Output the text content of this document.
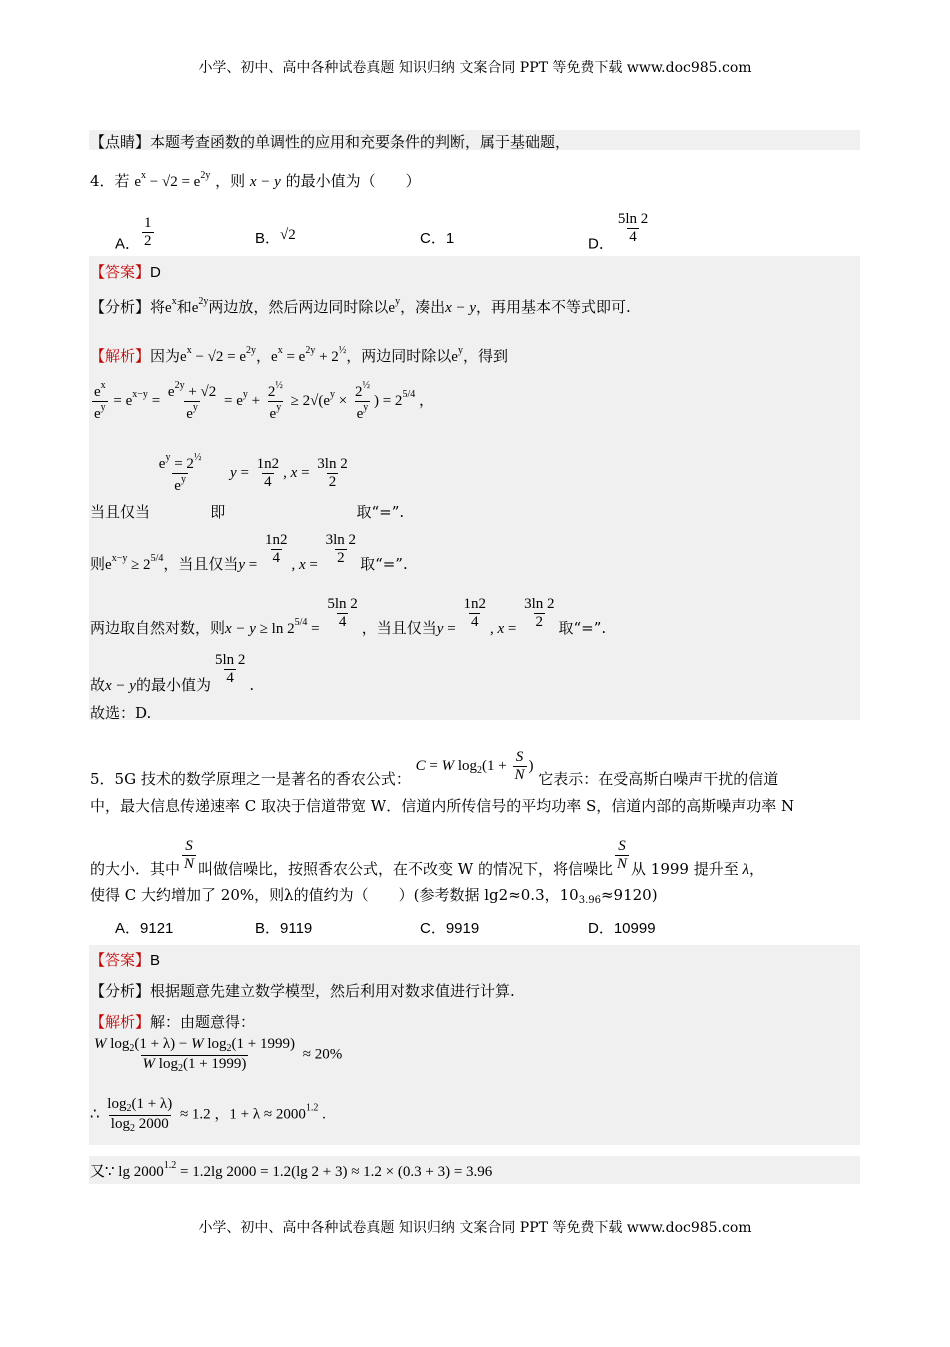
小学、初中、高中各种试卷真题 知识归纳 文案合同 PPT 等免费下载 www.doc985.com
【点睛】本题考查函数的单调性的应用和充要条件的判断，属于基础题，
4．若 $e^x - √2 = e^{2y}$ ，则 x − y 的最小值为（　　）
A． $\frac{1}{2}$	B．√2	C．1	D． $\frac{5\ln 2}{4}$
【答案】D
【分析】将$e^x$和$e^{2y}$两边放，然后两边同时除以$e^y$，凑出x − y，再用基本不等式即可.
【解析】因为$e^x - √2 = e^{2y}$，$e^x = e^{2y} + 2^{\frac{1}{2}}$，两边同时除以$e^y$，得到
$\frac{e^x}{e^y} = e^{x-y} = \frac{e^{2y} + √2}{e^y} = e^y + \frac{2^{\frac{1}{2}}}{e^y} \ge 2√(e^y \times \frac{2^{\frac{1}{2}}}{e^y}$ ) = $2^{5/4}$ ，
当且仅当
$\frac{e^y = 2^{\frac{1}{2}}}{e^y}$
即 $y = \frac{1n2}{4}$ , $x = \frac{3\ln 2}{2}$
取“=”.
则$e^{x-y} \ge 2^{5/4}$，当且仅当$y = \frac{1n2}{4}$ , $x = \frac{3\ln 2}{2}$ 取“=”.
两边取自然对数，则$x - y \ge \ln 2^{5/4} = \frac{5\ln 2}{4}$ ，当且仅当$y = \frac{1n2}{4}$ , $x = \frac{3\ln 2}{2}$ 取“=”.
故x − y的最小值为 $\frac{5\ln 2}{4}$ .
故选：D.
5．5G 技术的数学原理之一是著名的香农公式： C = W $\log_2(1 + \frac{S}{N}$ ) 它表示：在受高斯白噪声干扰的信道
中，最大信息传递速率 C 取决于信道带宽 W．信道内所传信号的平均功率 S，信道内部的高斯噪声功率 N
的大小．其中 $\frac{S}{N}$ 叫做信噪比，按照香农公式，在不改变 W 的情况下，将信噪比 $\frac{S}{N}$ 从 1999 提升至 λ，
使得 C 大约增加了 20%，则λ的值约为（　　）(参考数据 lg2≈0.3，$10_{3.96}\approx 9120$)
A．9121	B．9119	C．9919	D．10999
【答案】B
【分析】根据题意先建立数学模型，然后利用对数求值进行计算.
【解析】解：由题意得：
$\frac{W \log_2(1 + \lambda) - W \log_2(1 + 1999)}{W \log_2(1 + 1999)} \approx 20\%$
∴ $\frac{\log_2(1 + \lambda)}{\log_2 2000} \approx 1.2$ ，$1 + \lambda \approx 2000^{1.2}$ .
又∵ $\lg 2000^{1.2} = 1.2\lg$ 2000 = 1.2(lg 2 + 3) ≈ 1.2 × (0.3 + 3) = 3.96
小学、初中、高中各种试卷真题 知识归纳 文案合同 PPT 等免费下载 www.doc985.com
